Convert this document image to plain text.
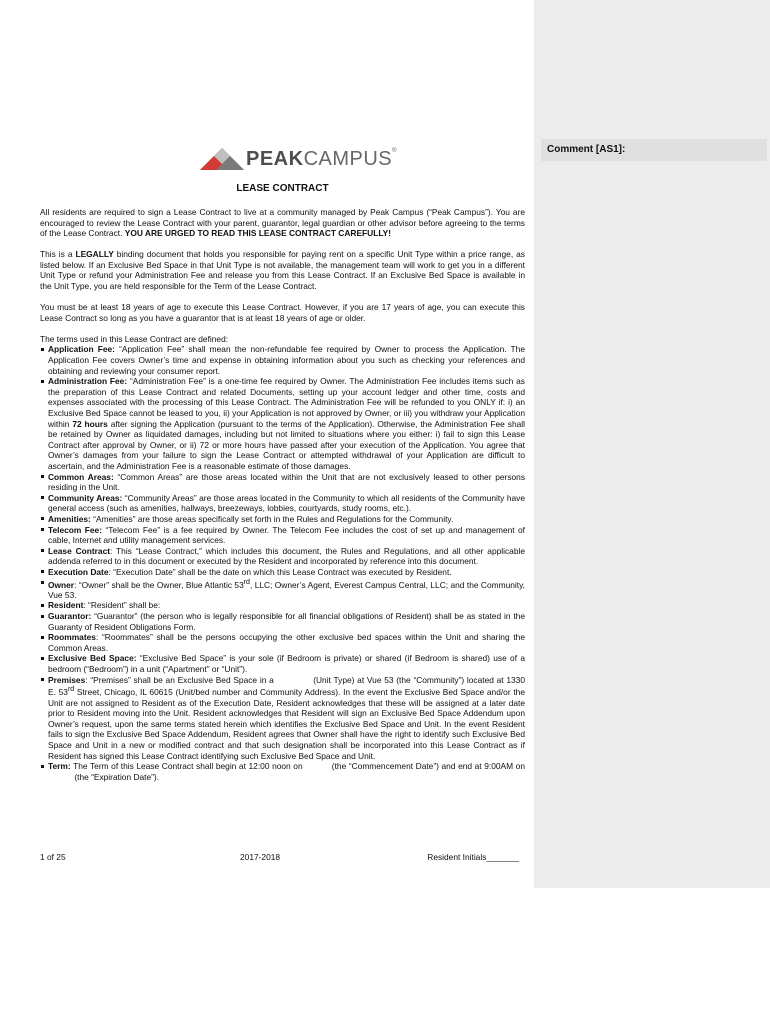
PEAKCAMPUS®
LEASE CONTRACT

All residents are required to sign a Lease Contract to live at a community managed by Peak Campus (“Peak Campus”). You are encouraged to review the Lease Contract with your parent, guarantor, legal guardian or other advisor before agreeing to the terms of the Lease Contract. YOU ARE URGED TO READ THIS LEASE CONTRACT CAREFULLY!

This is a LEGALLY binding document that holds you responsible for paying rent on a specific Unit Type within a price range, as listed below. If an Exclusive Bed Space in that Unit Type is not available, the management team will work to get you in a different Unit Type or refund your Administration Fee and release you from this Lease Contract. If an Exclusive Bed Space is available in the Unit Type, you are held responsible for the Term of the Lease Contract.

You must be at least 18 years of age to execute this Lease Contract. However, if you are 17 years of age, you can execute this Lease Contract so long as you have a guarantor that is at least 18 years of age or older.

The terms used in this Lease Contract are defined:

Application Fee: “Application Fee” shall mean the non-refundable fee required by Owner to process the Application. The Application Fee covers Owner’s time and expense in obtaining information about you such as checking your references and obtaining and reviewing your consumer report.
Administration Fee: “Administration Fee” is a one-time fee required by Owner. The Administration Fee includes items such as the preparation of this Lease Contract and related Documents, setting up your account ledger and other time, costs and expenses associated with the processing of this Lease Contract. The Administration Fee will be refunded to you ONLY if: i) an Exclusive Bed Space cannot be leased to you, ii) your Application is not approved by Owner, or iii) you withdraw your Application within 72 hours after signing the Application (pursuant to the terms of the Application). Otherwise, the Administration Fee shall be retained by Owner as liquidated damages, including but not limited to situations where you either: i) fail to sign this Lease Contract after approval by Owner, or ii) 72 or more hours have passed after your execution of the Application. You agree that Owner’s damages from your failure to sign the Lease Contract or attempted withdrawal of your Application are difficult to ascertain, and the Administration Fee is a reasonable estimate of those damages.
Common Areas: “Common Areas” are those areas located within the Unit that are not exclusively leased to other persons residing in the Unit.
Community Areas: “Community Areas” are those areas located in the Community to which all residents of the Community have general access (such as amenities, hallways, breezeways, lobbies, courtyards, study rooms, etc.).
Amenities: “Amenities” are those areas specifically set forth in the Rules and Regulations for the Community.
Telecom Fee: “Telecom Fee” is a fee required by Owner. The Telecom Fee includes the cost of set up and management of cable, Internet and utility management services.
Lease Contract: This “Lease Contract,” which includes this document, the Rules and Regulations, and all other applicable addenda referred to in this document or executed by the Resident and incorporated by reference into this document.
Execution Date: “Execution Date” shall be the date on which this Lease Contract was executed by Resident.
Owner: “Owner” shall be the Owner, Blue Atlantic 53rd, LLC; Owner’s Agent, Everest Campus Central, LLC; and the Community, Vue 53.
Resident: “Resident” shall be:
Guarantor: “Guarantor” (the person who is legally responsible for all financial obligations of Resident) shall be as stated in the Guaranty of Resident Obligations Form.
Roommates: “Roommates” shall be the persons occupying the other exclusive bed spaces within the Unit and sharing the Common Areas.
Exclusive Bed Space: “Exclusive Bed Space” is your sole (if Bedroom is private) or shared (if Bedroom is shared) use of a bedroom (“Bedroom”) in a unit (“Apartment” or “Unit”).
Premises: “Premises” shall be an Exclusive Bed Space in a	(Unit Type) at Vue 53 (the “Community”) located at 1330 E. 53rd Street, Chicago, IL 60615 (Unit/bed number and Community Address). In the event the Exclusive Bed Space and/or the Unit are not assigned to Resident as of the Execution Date, Resident acknowledges that these will be assigned at a later date prior to Resident moving into the Unit. Resident acknowledges that Resident will sign an Exclusive Bed Space Addendum upon Owner’s request, upon the same terms stated herein which identifies the Exclusive Bed Space and Unit. In the event Resident fails to sign the Exclusive Bed Space Addendum, Resident agrees that Owner shall have the right to identify such Exclusive Bed Space and Unit in a new or modified contract and that such designation shall be incorporated into this Lease Contract as if Resident has signed this Lease Contract identifying such Exclusive Bed Space and Unit.
Term: The Term of this Lease Contract shall begin at 12:00 noon on	(the “Commencement Date”) and end at 9:00AM on  (the “Expiration Date”).
1 of 25	2017-2018	Resident Initials_______
Comment [AS1]:
